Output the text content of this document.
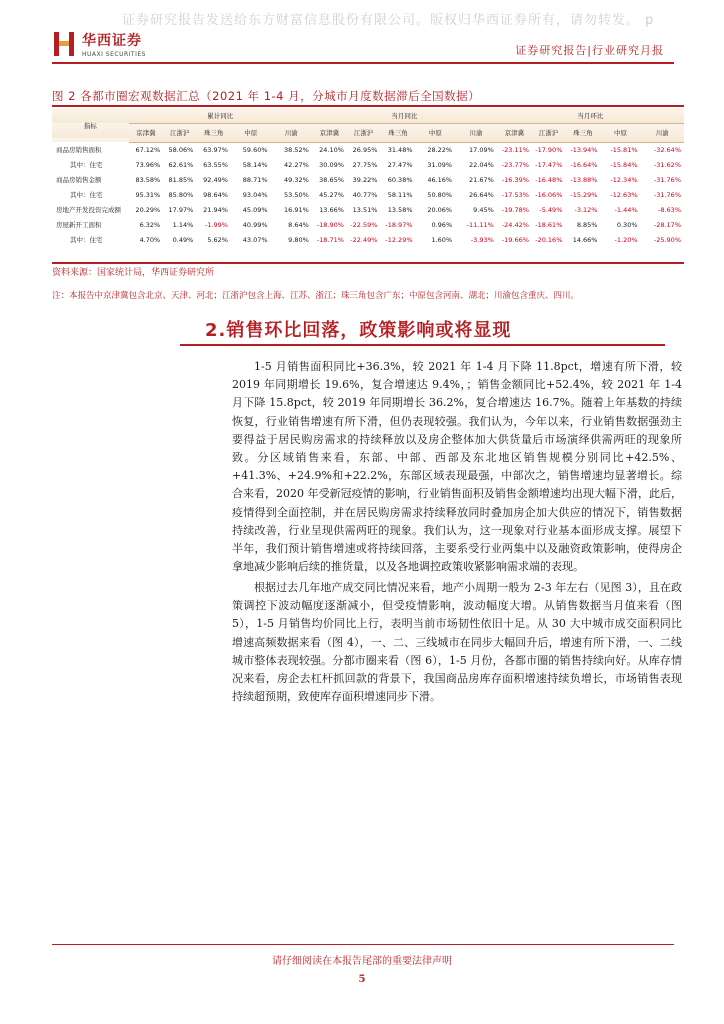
证券研究报告发送给东方财富信息股份有限公司。版权归华西证券所有，请勿转发。 p
华西证券
HUAXI SECURITIES	证券研究报告|行业研究月报
图 2 各都市圈宏观数据汇总（2021 年 1-4 月，分城市月度数据滞后全国数据）
指标	累计同比					当月同比					当月环比				
	京津冀	江浙沪	珠三角	中原	川渝	京津冀	江浙沪	珠三角	中原	川渝	京津冀	江浙沪	珠三角	中原	川渝
商品房销售面积	67.12%	58.06%	63.97%	59.60%	38.52%	24.10%	26.95%	31.48%	28.22%	17.09%	-23.11%	-17.90%	-13.94%	-15.81%	-32.64%
其中：住宅	73.96%	62.61%	63.55%	58.14%	42.27%	30.09%	27.75%	27.47%	31.09%	22.04%	-23.77%	-17.47%	-16.64%	-15.84%	-31.62%
商品房销售金额	83.58%	81.85%	92.49%	88.71%	49.32%	38.65%	39.22%	60.38%	46.16%	21.67%	-16.39%	-16.48%	-13.88%	-12.34%	-31.76%
其中：住宅	95.31%	85.80%	98.64%	93.04%	53.50%	45.27%	40.77%	58.11%	50.80%	26.64%	-17.53%	-16.06%	-15.29%	-12.63%	-31.76%
房地产开发投资完成额	20.29%	17.97%	21.94%	45.09%	16.91%	13.66%	13.51%	13.58%	20.06%	9.45%	-19.78%	-5.49%	-3.12%	-1.44%	-8.63%
房屋新开工面积	6.32%	1.14%	-1.99%	40.99%	8.64%	-18.90%	-22.59%	-18.97%	0.96%	-11.11%	-24.42%	-18.61%	8.85%	0.30%	-28.17%
其中：住宅	4.70%	0.49%	5.62%	43.07%	9.80%	-18.71%	-22.49%	-12.29%	1.60%	-3.93%	-19.66%	-20.16%	14.66%	-1.20%	-25.90%
资料来源：国家统计局，华西证券研究所
注：本报告中京津冀包含北京、天津、河北；江浙沪包含上海、江苏、浙江；珠三角包含广东；中原包含河南、湖北；川渝包含重庆、四川。
2.销售环比回落，政策影响或将显现

1-5 月销售面积同比+36.3%，较 2021 年 1-4 月下降 11.8pct，增速有所下滑，较 2019 年同期增长 19.6%，复合增速达 9.4%，；销售金额同比+52.4%，较 2021 年 1-4 月下降 15.8pct，较 2019 年同期增长 36.2%，复合增速达 16.7%。随着上年基数的持续恢复，行业销售增速有所下滑，但仍表现较强。我们认为，今年以来，行业销售数据强劲主要得益于居民购房需求的持续释放以及房企整体加大供货量后市场演绎供需两旺的现象所致。分区域销售来看，东部、中部、西部及东北地区销售规模分别同比+42.5%、+41.3%、+24.9%和+22.2%，东部区域表现最强，中部次之，销售增速均显著增长。综合来看，2020 年受新冠疫情的影响，行业销售面积及销售金额增速均出现大幅下滑，此后，疫情得到全面控制，并在居民购房需求持续释放同时叠加房企加大供应的情况下，销售数据持续改善，行业呈现供需两旺的现象。我们认为，这一现象对行业基本面形成支撑。展望下半年，我们预计销售增速或将持续回落，主要系受行业两集中以及融资政策影响，使得房企拿地减少影响后续的推货量，以及各地调控政策收紧影响需求端的表现。

根据过去几年地产成交同比情况来看，地产小周期一般为 2-3 年左右（见图 3），且在政策调控下波动幅度逐渐减小，但受疫情影响，波动幅度大增。从销售数据当月值来看（图 5），1-5 月销售均价同比上行，表明当前市场韧性依旧十足。从 30 大中城市成交面积同比增速高频数据来看（图 4），一、二、三线城市在同步大幅回升后，增速有所下滑，一、二线城市整体表现较强。分都市圈来看（图 6），1-5 月份，各都市圈的销售持续向好。从库存情况来看，房企去杠杆抓回款的背景下，我国商品房库存面积增速持续负增长，市场销售表现持续超预期，致使库存面积增速同步下滑。

请仔细阅读在本报告尾部的重要法律声明
5
